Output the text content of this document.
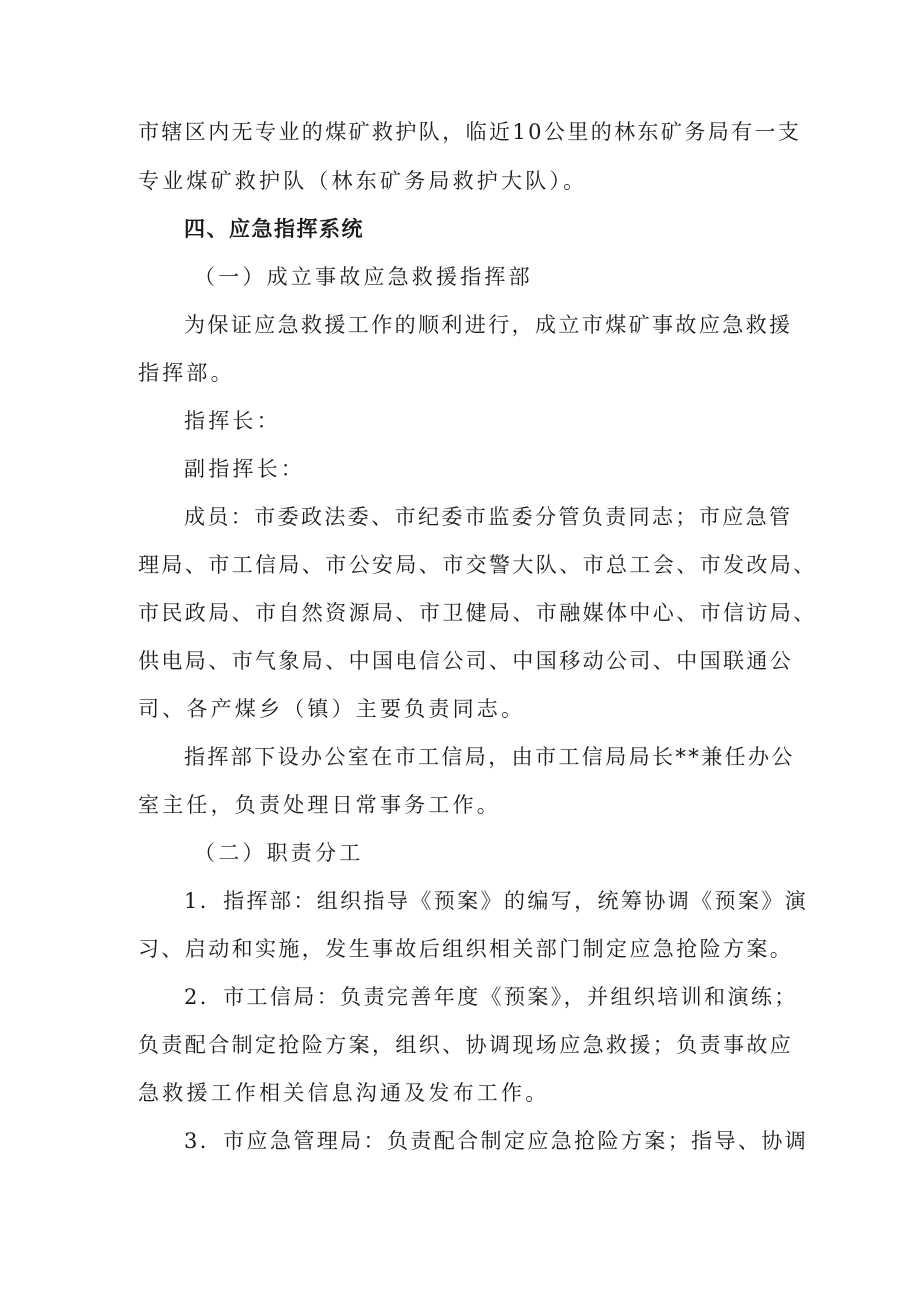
市辖区内无专业的煤矿救护队，临近10公里的林东矿务局有一支
专业煤矿救护队（林东矿务局救护大队）。
四、应急指挥系统
（一）成立事故应急救援指挥部
为保证应急救援工作的顺利进行，成立市煤矿事故应急救援
指挥部。
指挥长：
副指挥长：
成员：市委政法委、市纪委市监委分管负责同志；市应急管
理局、市工信局、市公安局、市交警大队、市总工会、市发改局、
市民政局、市自然资源局、市卫健局、市融媒体中心、市信访局、
供电局、市气象局、中国电信公司、中国移动公司、中国联通公
司、各产煤乡（镇）主要负责同志。
指挥部下设办公室在市工信局，由市工信局局长**兼任办公
室主任，负责处理日常事务工作。
（二）职责分工
1．指挥部：组织指导《预案》的编写，统筹协调《预案》演
习、启动和实施，发生事故后组织相关部门制定应急抢险方案。
2．市工信局：负责完善年度《预案》，并组织培训和演练；
负责配合制定抢险方案，组织、协调现场应急救援；负责事故应
急救援工作相关信息沟通及发布工作。
3．市应急管理局：负责配合制定应急抢险方案；指导、协调
